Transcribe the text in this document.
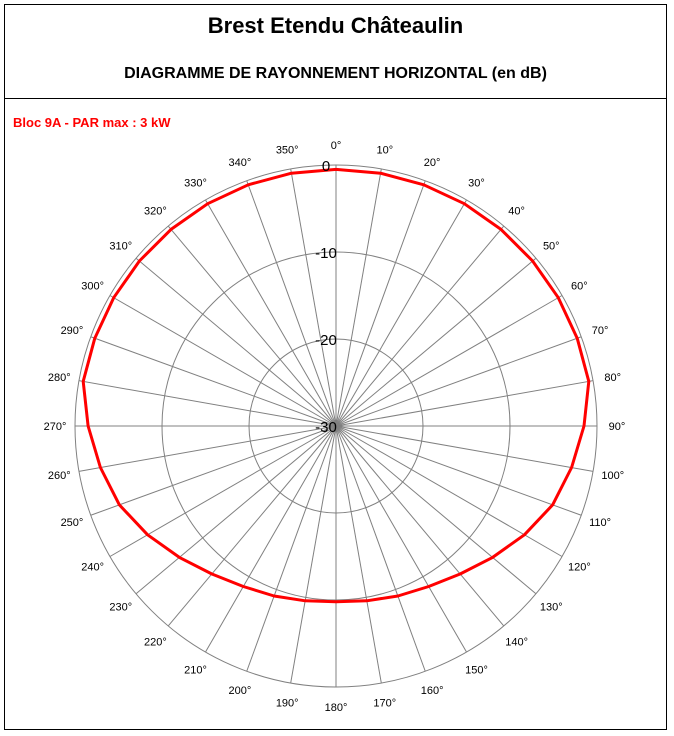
Brest Etendu Châteaulin
DIAGRAMME DE RAYONNEMENT HORIZONTAL (en dB)
Bloc 9A - PAR max : 3 kW
0°	10°
20°
30°
40°
50°
60°
70°
80°
90°
100°
110°
120°
130°
140°
150°
160°
170°
180°
190°
200°
210°
220°
230°
240°
250°
260°
270°
280°
290°
300°
310°
320°
330°
340°
350°
0
-10
-20
-30
